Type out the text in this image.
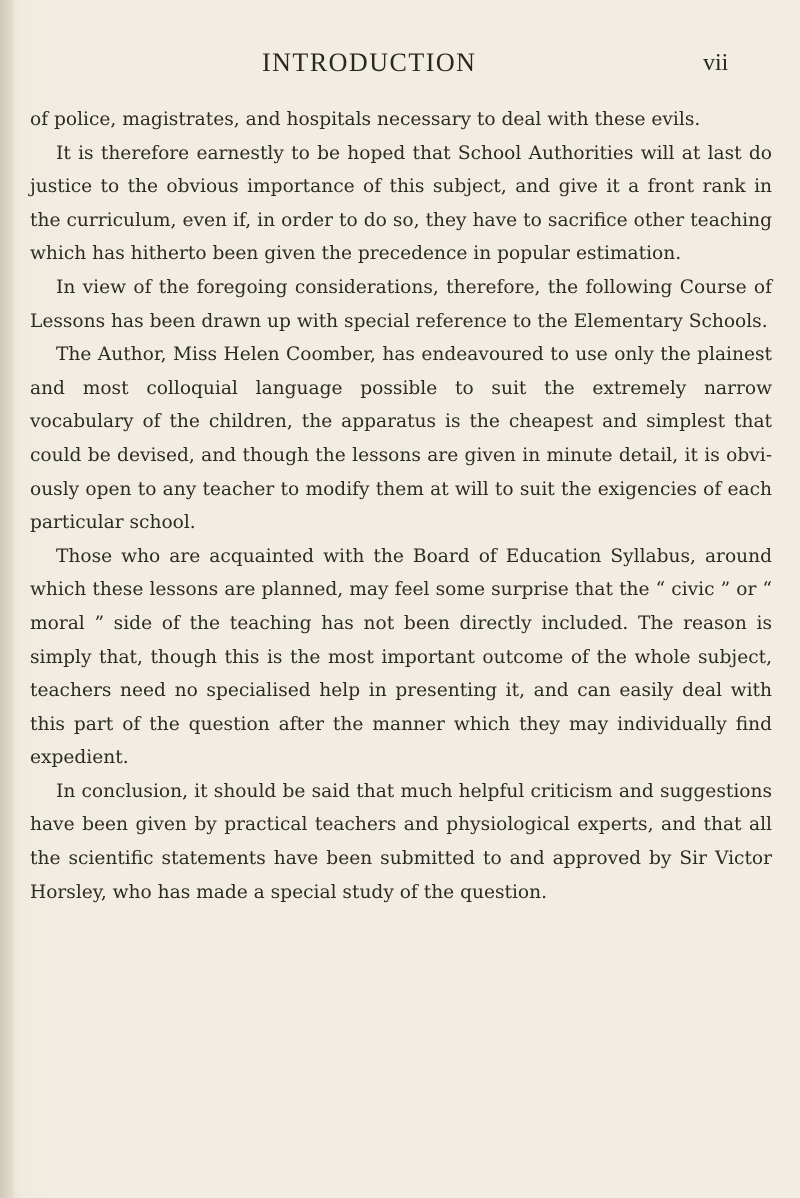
INTRODUCTION	vii

of police, magistrates, and hospitals necessary to deal with these evils.

It is therefore earnestly to be hoped that School Authorities will at last do justice to the obvious importance of this subject, and give it a front rank in the curriculum, even if, in order to do so, they have to sacrifice other teaching which has hitherto been given the precedence in popular estimation.

In view of the foregoing considerations, therefore, the following Course of Lessons has been drawn up with special reference to the Elementary Schools.

The Author, Miss Helen Coomber, has endeavoured to use only the plainest and most colloquial language possible to suit the extremely narrow vocabulary of the children, the apparatus is the cheapest and simplest that could be devised, and though the lessons are given in minute detail, it is obviously open to any teacher to modify them at will to suit the exigencies of each particular school.

Those who are acquainted with the Board of Education Syllabus, around which these lessons are planned, may feel some surprise that the “ civic ” or “ moral ” side of the teaching has not been directly included. The reason is simply that, though this is the most important outcome of the whole subject, teachers need no specialised help in presenting it, and can easily deal with this part of the question after the manner which they may individually find expedient.

In conclusion, it should be said that much helpful criticism and suggestions have been given by practical teachers and physiological experts, and that all the scientific statements have been submitted to and approved by Sir Victor Horsley, who has made a special study of the question.
